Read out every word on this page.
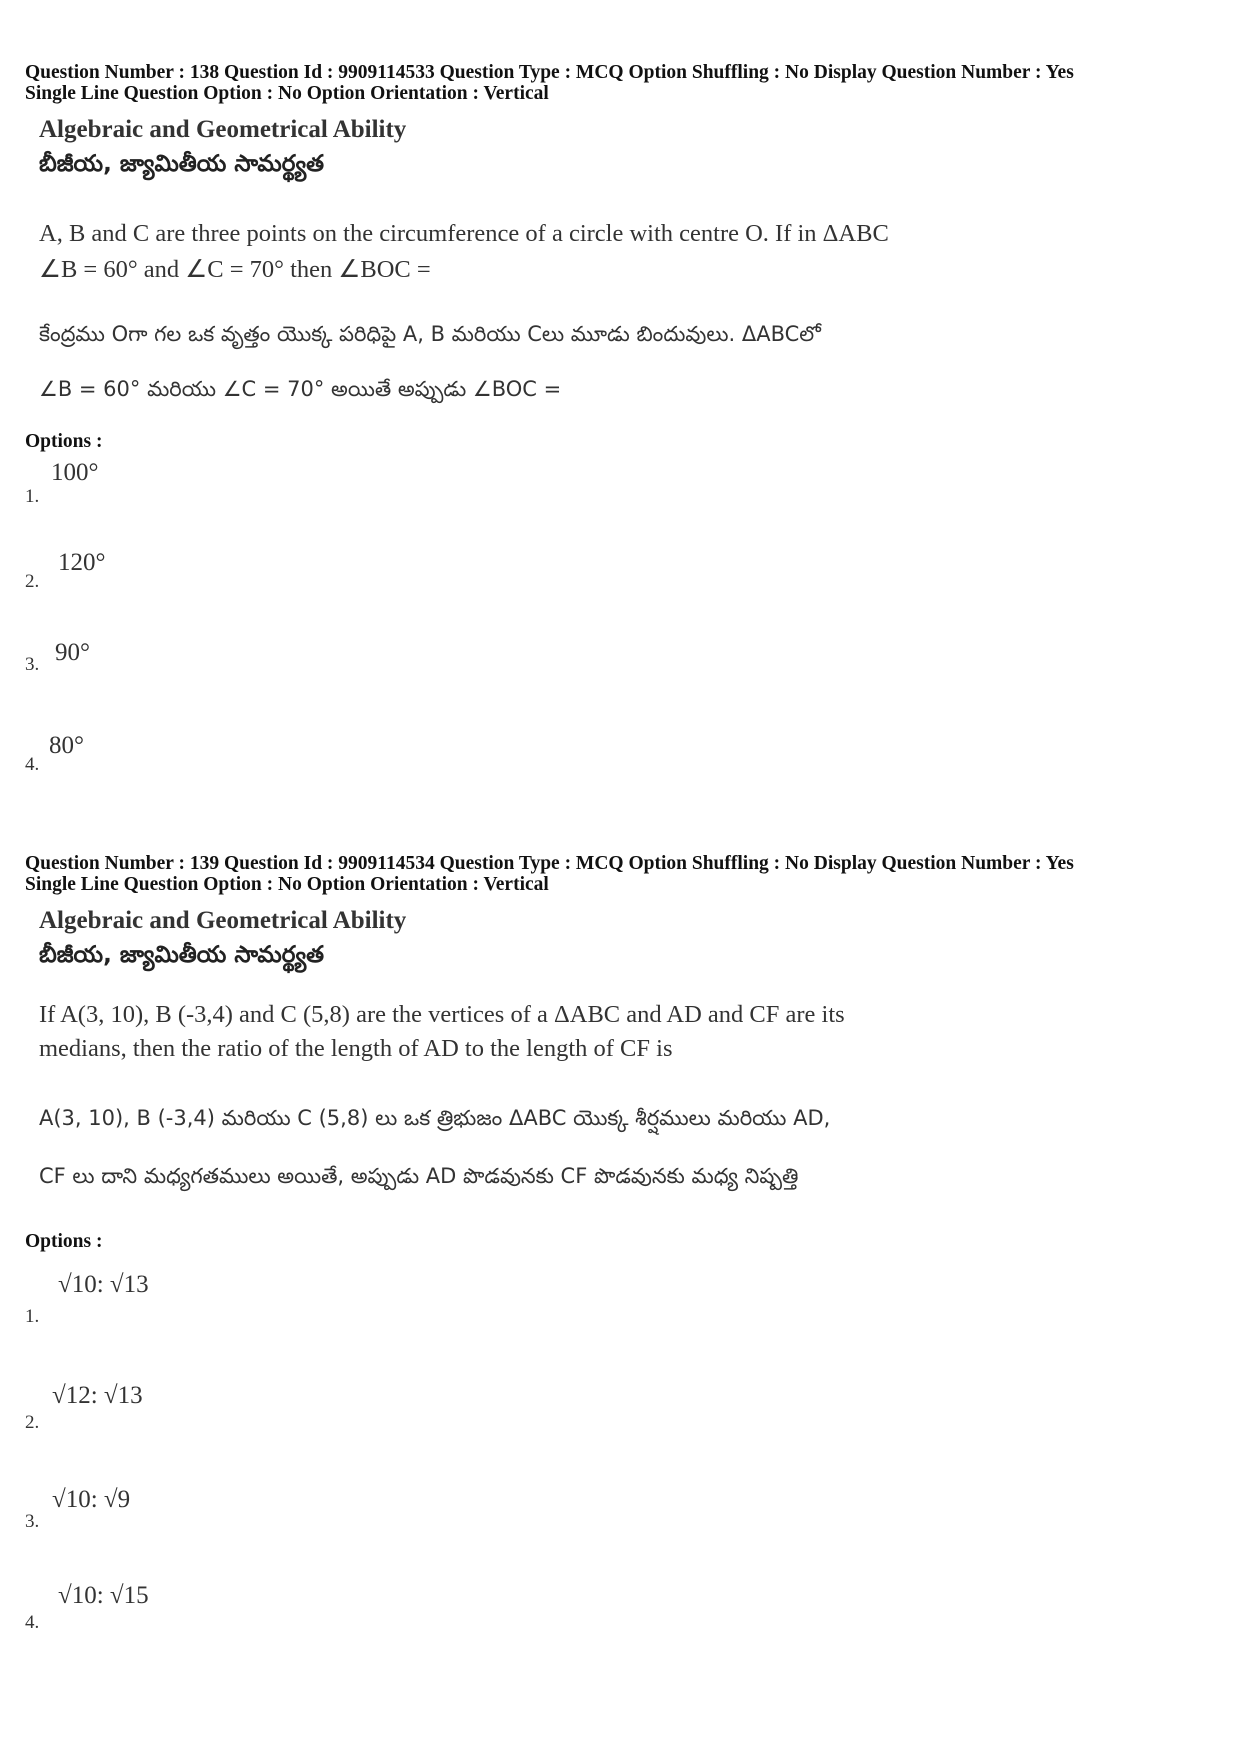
Question Number : 138 Question Id : 9909114533 Question Type : MCQ Option Shuffling : No Display Question Number : Yes
Single Line Question Option : No Option Orientation : Vertical
Algebraic and Geometrical Ability
బీజీయ, జ్యామితీయ సామర్థ్యత
A, B and C are three points on the circumference of a circle with centre O. If in ΔABC
∠B = 60° and ∠C = 70° then ∠BOC =
కేంద్రము Oగా గల ఒక వృత్తం యొక్క పరిధిపై A, B మరియు Cలు మూడు బిందువులు. ΔABCలో
∠B = 60° మరియు ∠C = 70° అయితే అప్పుడు ∠BOC =
Options :
1.
100°
2.
120°
3. 90°
4.
80°
Question Number : 139 Question Id : 9909114534 Question Type : MCQ Option Shuffling : No Display Question Number : Yes
Single Line Question Option : No Option Orientation : Vertical
Algebraic and Geometrical Ability
బీజీయ, జ్యామితీయ సామర్థ్యత
If A(3, 10), B (-3,4) and C (5,8) are the vertices of a ΔABC and AD and CF are its
medians, then the ratio of the length of AD to the length of CF is
A(3, 10), B (-3,4) మరియు C (5,8) లు ఒక త్రిభుజం ΔABC యొక్క శీర్షములు మరియు AD,
CF లు దాని మధ్యగతములు అయితే, అప్పుడు AD పొడవునకు CF పొడవునకు మధ్య నిష్పత్తి
Options :
1.
√10: √13
2.
√12: √13
3.
√10: √9
4.
√10: √15
